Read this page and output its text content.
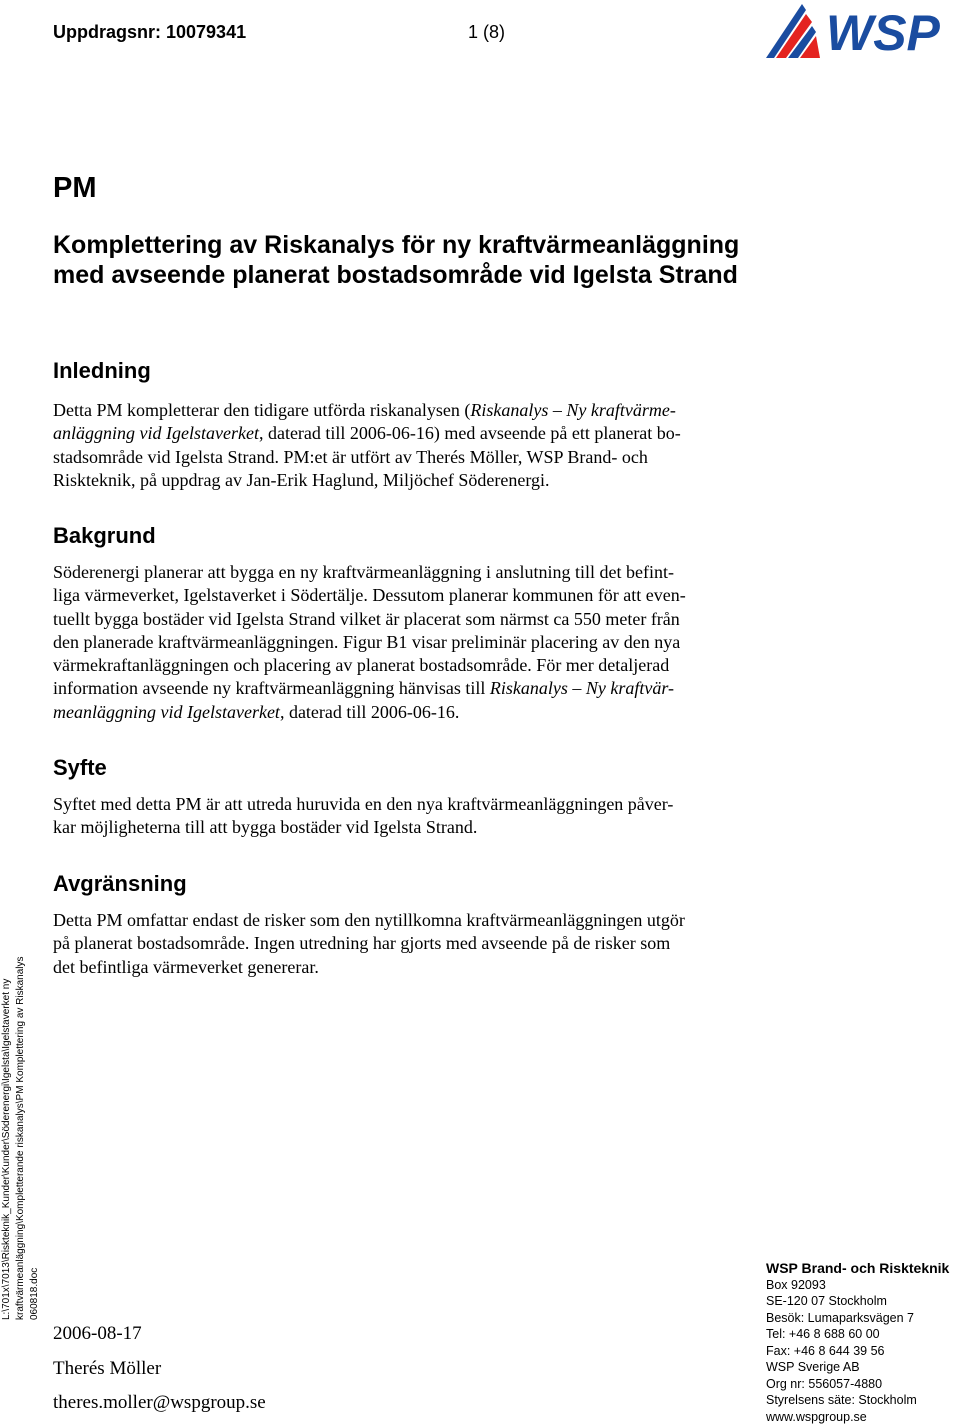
Uppdragsnr: 10079341	1 (8)	WSP
PM
Komplettering av Riskanalys för ny kraftvärmeanläggning
med avseende planerat bostadsområde vid Igelsta Strand
Inledning
Detta PM kompletterar den tidigare utförda riskanalysen (Riskanalys – Ny kraftvärme-
anläggning vid Igelstaverket, daterad till 2006-06-16) med avseende på ett planerat bo-
stadsområde vid Igelsta Strand. PM:et är utfört av Therés Möller, WSP Brand- och
Riskteknik, på uppdrag av Jan-Erik Haglund, Miljöchef Söderenergi.
Bakgrund
Söderenergi planerar att bygga en ny kraftvärmeanläggning i anslutning till det befint-
liga värmeverket, Igelstaverket i Södertälje. Dessutom planerar kommunen för att even-
tuellt bygga bostäder vid Igelsta Strand vilket är placerat som närmst ca 550 meter från
den planerade kraftvärmeanläggningen. Figur B1 visar preliminär placering av den nya
värmekraftanläggningen och placering av planerat bostadsområde. För mer detaljerad
information avseende ny kraftvärmeanläggning hänvisas till Riskanalys – Ny kraftvär-
meanläggning vid Igelstaverket, daterad till 2006-06-16.
Syfte
Syftet med detta PM är att utreda huruvida en den nya kraftvärmeanläggningen påver-
kar möjligheterna till att bygga bostäder vid Igelsta Strand.
Avgränsning
Detta PM omfattar endast de risker som den nytillkomna kraftvärmeanläggningen utgör
på planerat bostadsområde. Ingen utredning har gjorts med avseende på de risker som
det befintliga värmeverket genererar.
L:\701x\7013\Riskteknik_Kunder\Kunder\Söderenergi\Igelsta\Igelstaverket ny kraftvärmeanläggning\Kompletterande riskanalys\PM Komplettering av Riskanalys 060818.doc
2006-08-17
Therés Möller
theres.moller@wspgroup.se
WSP Brand- och Riskteknik
Box 92093
SE-120 07 Stockholm
Besök: Lumaparksvägen 7
Tel: +46 8 688 60 00
Fax: +46 8 644 39 56
WSP Sverige AB
Org nr: 556057-4880
Styrelsens säte: Stockholm
www.wspgroup.se
